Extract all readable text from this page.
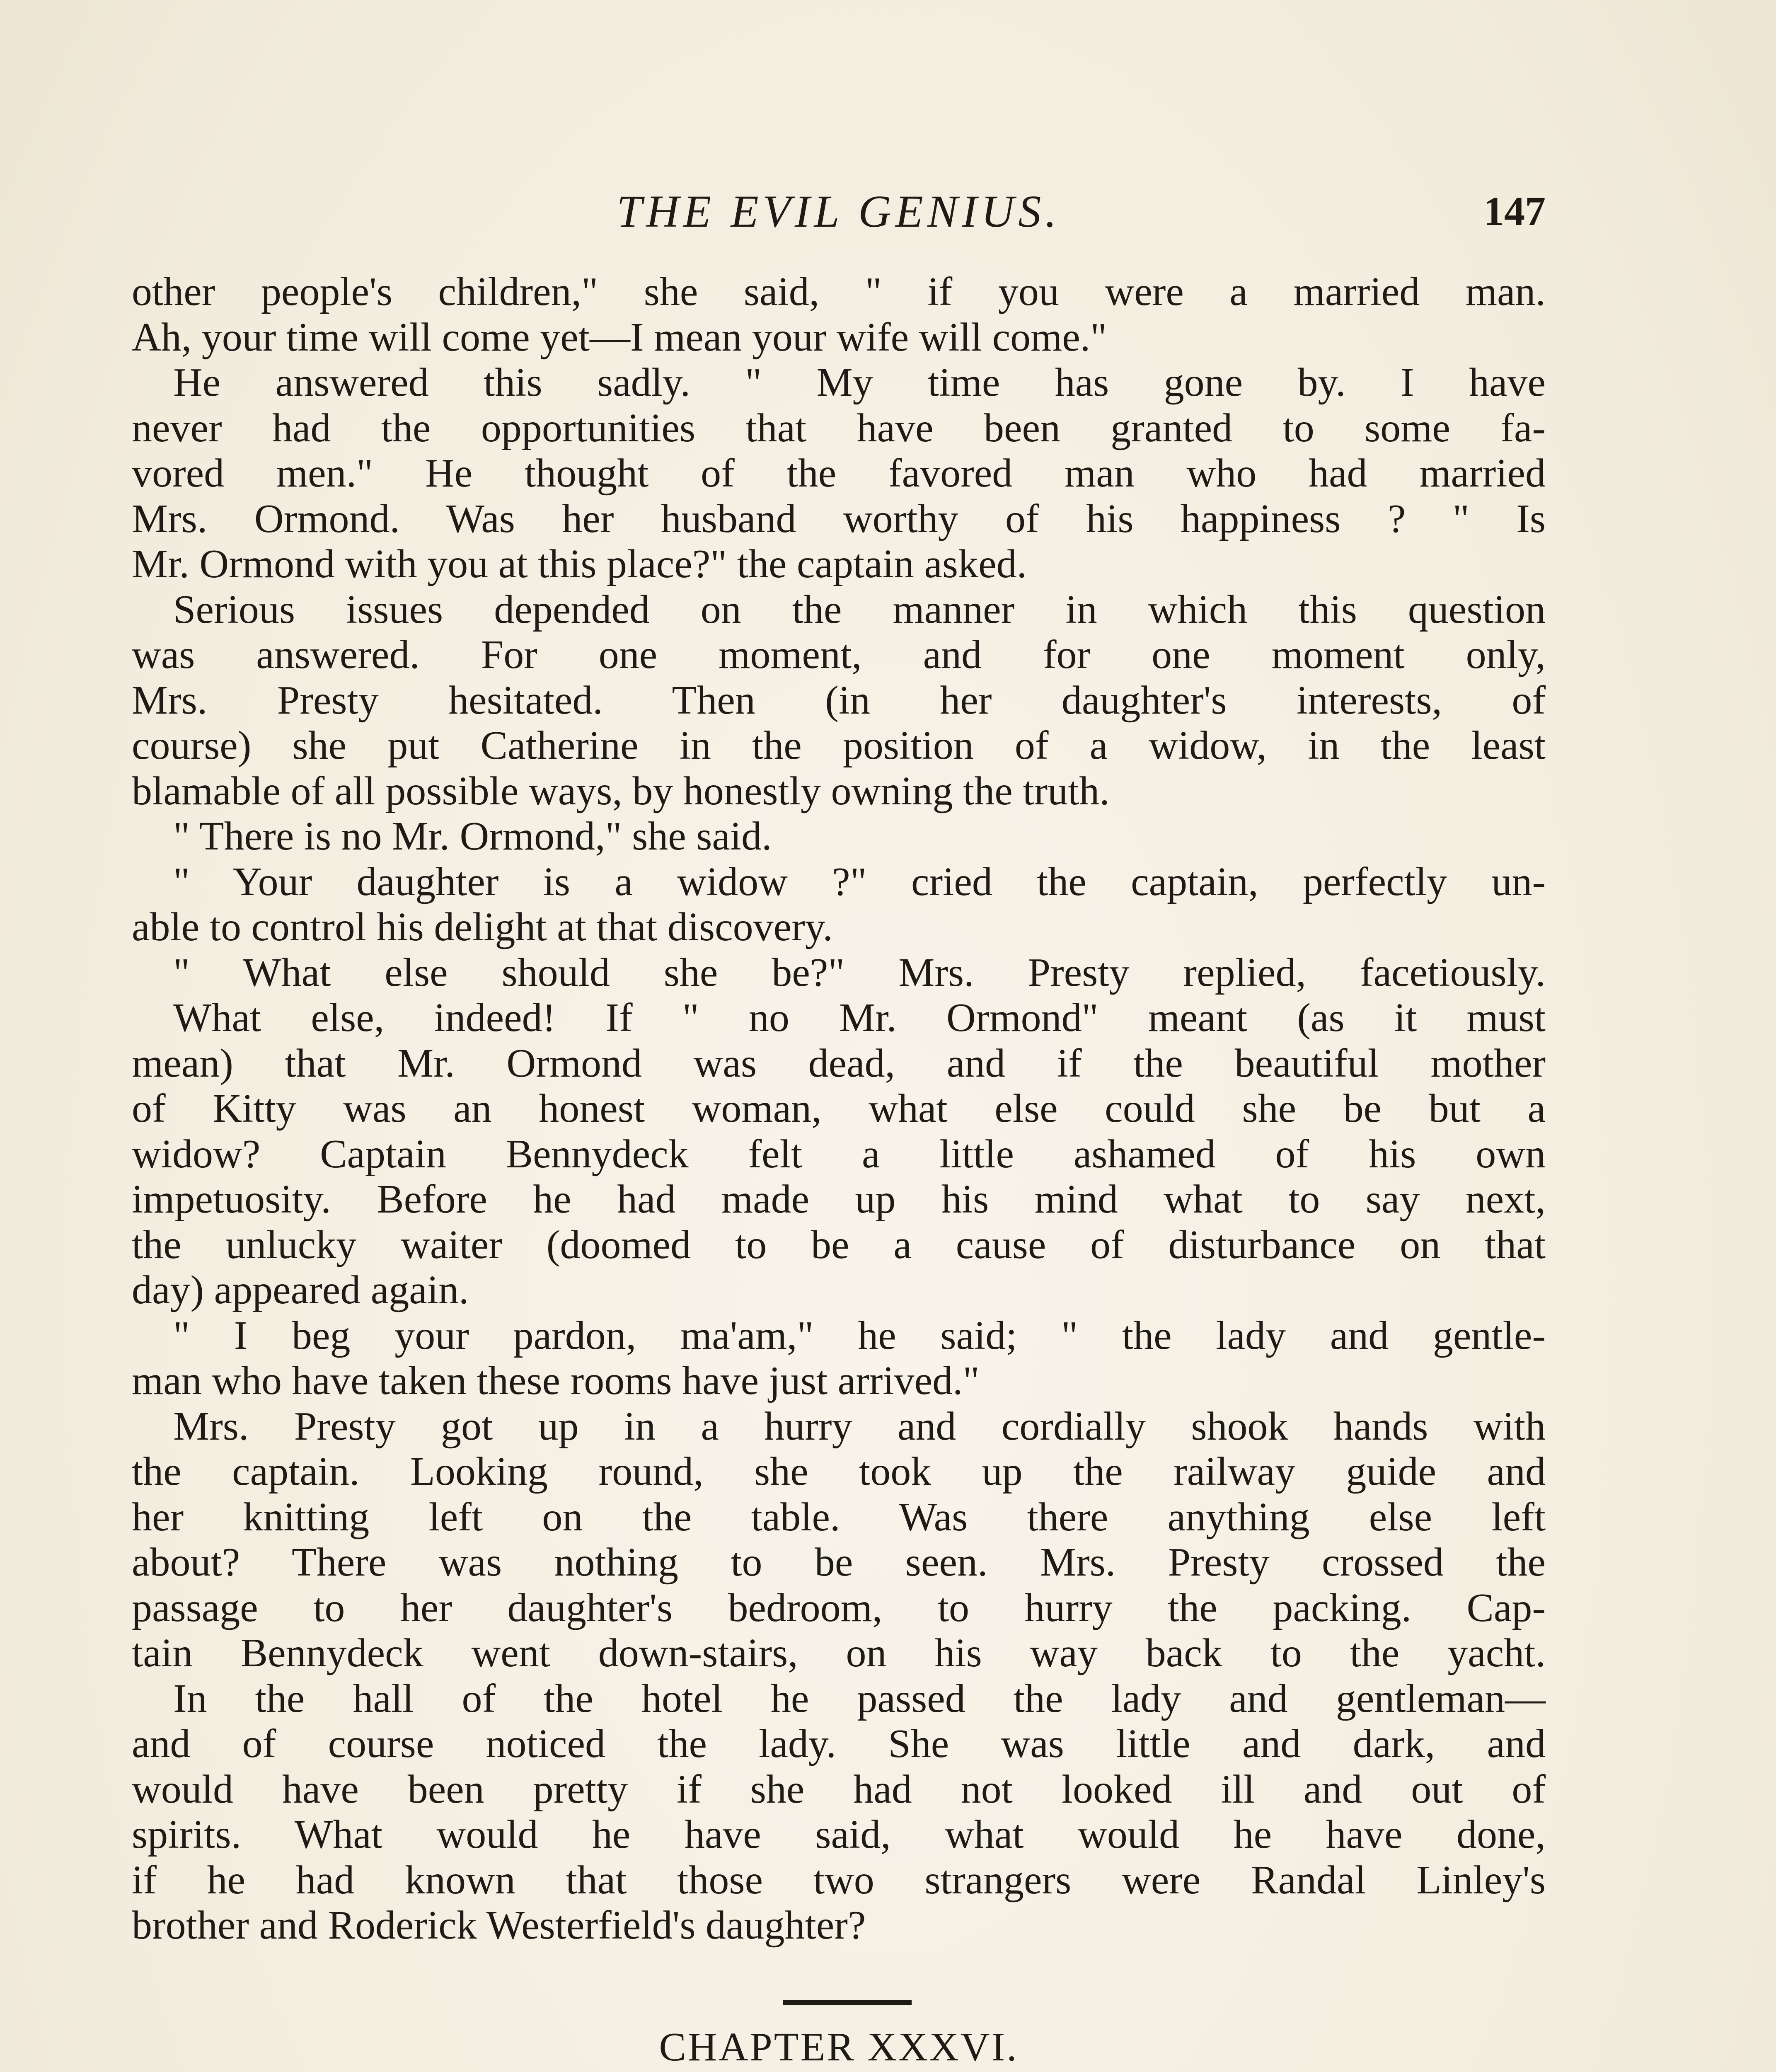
THE EVIL GENIUS.	147
other people's children," she said, " if you were a married man.
Ah, your time will come yet—I mean your wife will come."
He answered this sadly. " My time has gone by. I have
never had the opportunities that have been granted to some fa-
vored men." He thought of the favored man who had married
Mrs. Ormond. Was her husband worthy of his happiness ? " Is
Mr. Ormond with you at this place?" the captain asked.
Serious issues depended on the manner in which this question
was answered. For one moment, and for one moment only,
Mrs. Presty hesitated. Then (in her daughter's interests, of
course) she put Catherine in the position of a widow, in the least
blamable of all possible ways, by honestly owning the truth.
" There is no Mr. Ormond," she said.
" Your daughter is a widow ?" cried the captain, perfectly un-
able to control his delight at that discovery.
" What else should she be?" Mrs. Presty replied, facetiously.
What else, indeed! If " no Mr. Ormond" meant (as it must
mean) that Mr. Ormond was dead, and if the beautiful mother
of Kitty was an honest woman, what else could she be but a
widow? Captain Bennydeck felt a little ashamed of his own
impetuosity. Before he had made up his mind what to say next,
the unlucky waiter (doomed to be a cause of disturbance on that
day) appeared again.
" I beg your pardon, ma'am," he said; " the lady and gentle-
man who have taken these rooms have just arrived."
Mrs. Presty got up in a hurry and cordially shook hands with
the captain. Looking round, she took up the railway guide and
her knitting left on the table. Was there anything else left
about? There was nothing to be seen. Mrs. Presty crossed the
passage to her daughter's bedroom, to hurry the packing. Cap-
tain Bennydeck went down-stairs, on his way back to the yacht.
In the hall of the hotel he passed the lady and gentleman—
and of course noticed the lady. She was little and dark, and
would have been pretty if she had not looked ill and out of
spirits. What would he have said, what would he have done,
if he had known that those two strangers were Randal Linley's
brother and Roderick Westerfield's daughter?
CHAPTER XXXVI.
